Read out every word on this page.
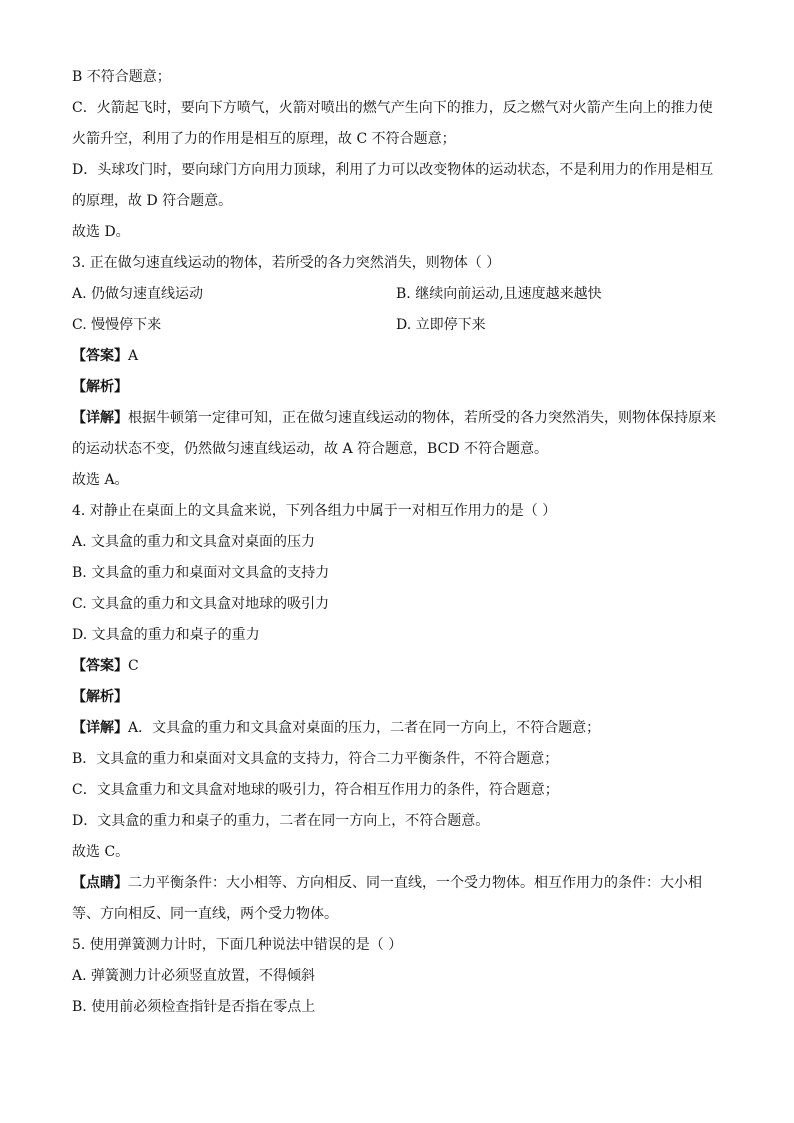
B 不符合题意；
C．火箭起飞时，要向下方喷气，火箭对喷出的燃气产生向下的推力，反之燃气对火箭产生向上的推力使
火箭升空，利用了力的作用是相互的原理，故 C 不符合题意；
D．头球攻门时，要向球门方向用力顶球，利用了力可以改变物体的运动状态，不是利用力的作用是相互
的原理，故 D 符合题意。
故选 D。
3. 正在做匀速直线运动的物体，若所受的各力突然消失，则物体（ ）
A. 仍做匀速直线运动	B. 继续向前运动,且速度越来越快
C. 慢慢停下来	D. 立即停下来
【答案】A
【解析】
【详解】根据牛顿第一定律可知，正在做匀速直线运动的物体，若所受的各力突然消失，则物体保持原来
的运动状态不变，仍然做匀速直线运动，故 A 符合题意，BCD 不符合题意。
故选 A。
4. 对静止在桌面上的文具盒来说，下列各组力中属于一对相互作用力的是（ ）
A. 文具盒的重力和文具盒对桌面的压力
B. 文具盒的重力和桌面对文具盒的支持力
C. 文具盒的重力和文具盒对地球的吸引力
D. 文具盒的重力和桌子的重力
【答案】C
【解析】
【详解】A．文具盒的重力和文具盒对桌面的压力，二者在同一方向上，不符合题意；
B．文具盒的重力和桌面对文具盒的支持力，符合二力平衡条件，不符合题意；
C．文具盒重力和文具盒对地球的吸引力，符合相互作用力的条件，符合题意；
D．文具盒的重力和桌子的重力，二者在同一方向上，不符合题意。
故选 C。
【点睛】二力平衡条件：大小相等、方向相反、同一直线，一个受力物体。相互作用力的条件：大小相
等、方向相反、同一直线，两个受力物体。
5. 使用弹簧测力计时，下面几种说法中错误的是（ ）
A. 弹簧测力计必须竖直放置，不得倾斜
B. 使用前必须检查指针是否指在零点上
